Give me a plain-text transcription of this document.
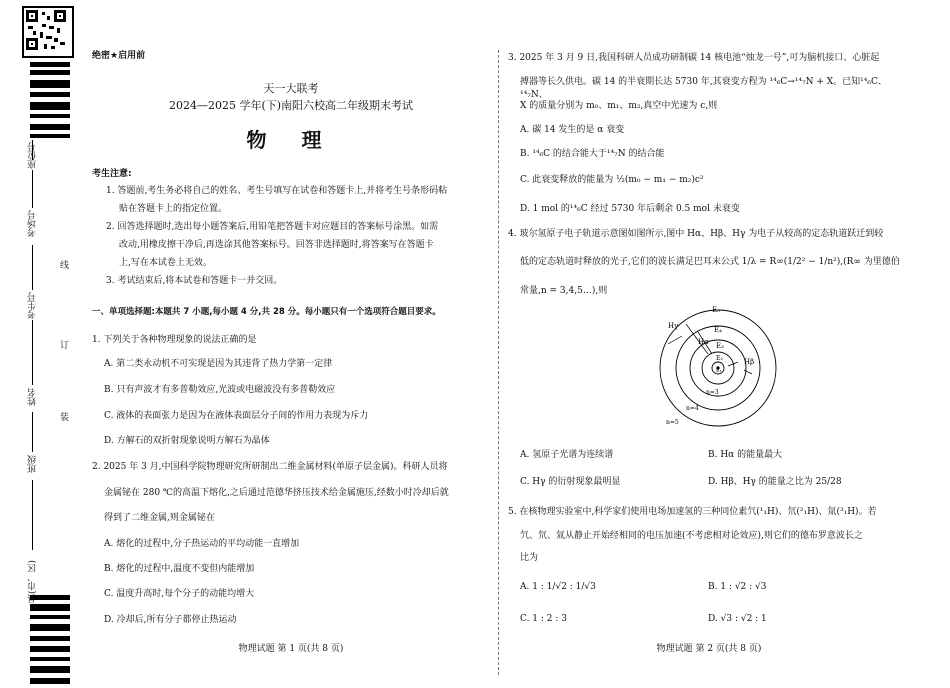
座位号
考场号
考生号
姓名
班级
县(市、区)
线
订
装
绝密★启用前
天一大联考
2024—2025 学年(下)南阳六校高二年级期末考试
物 理
考生注意:
1. 答题前,考生务必将自己的姓名、考生号填写在试卷和答题卡上,并将考生号条形码粘
贴在答题卡上的指定位置。
2. 回答选择题时,选出每小题答案后,用铅笔把答题卡对应题目的答案标号涂黑。如需
改动,用橡皮擦干净后,再选涂其他答案标号。回答非选择题时,将答案写在答题卡
上,写在本试卷上无效。
3. 考试结束后,将本试卷和答题卡一并交回。
一、单项选择题:本题共 7 小题,每小题 4 分,共 28 分。每小题只有一个选项符合题目要求。
1. 下列关于各种物理现象的说法正确的是
A. 第二类永动机不可实现是因为其违背了热力学第一定律
B. 只有声波才有多普勒效应,光波或电磁波没有多普勒效应
C. 液体的表面张力是因为在液体表面层分子间的作用力表现为斥力
D. 方解石的双折射现象说明方解石为晶体
2. 2025 年 3 月,中国科学院物理研究所研制出二维金属材料(单原子层金属)。科研人员将
金属铋在 280 ℃的高温下熔化,之后通过范德华挤压技术给金属施压,经数小时冷却后就
得到了二维金属,则金属铋在
A. 熔化的过程中,分子热运动的平均动能一直增加
B. 熔化的过程中,温度不变但内能增加
C. 温度升高时,每个分子的动能均增大
D. 冷却后,所有分子都停止热运动
物理试题 第 1 页(共 8 页)
3. 2025 年 3 月 9 日,我国科研人员成功研制碳 14 核电池“烛龙一号”,可为脑机接口、心脏起
搏器等长久供电。碳 14 的半衰期长达 5730 年,其衰变方程为 ¹⁴₆C→¹⁴₇N + X。已知¹⁴₆C、¹⁴₇N、
X 的质量分别为 m₀、m₁、m₂,真空中光速为 c,则
A. 碳 14 发生的是 α 衰变
B. ¹⁴₆C 的结合能大于¹⁴₇N 的结合能
C. 此衰变释放的能量为 ½(m₀ − m₁ − m₂)c²
D. 1 mol 的¹⁴₆C 经过 5730 年后剩余 0.5 mol 未衰变
4. 玻尔氢原子电子轨道示意图如图所示,图中 Hα、Hβ、Hγ 为电子从较高的定态轨道跃迁到较
低的定态轨道时释放的光子,它们的波长满足巴耳末公式 1/λ = R∞(1/2² − 1/n²),(R∞ 为里德伯
常量,n = 3,4,5…),则
E₅
E₄
E₃
E₂
E₁
Hγ
Hα
Hβ
n=3
n=4
n=5
A. 氢原子光谱为连续谱	B. Hα 的能量最大
C. Hγ 的衍射现象最明显	D. Hβ、Hγ 的能量之比为 25/28
5. 在核物理实验室中,科学家们使用电场加速氢的三种同位素氕(¹₁H)、氘(²₁H)、氚(³₁H)。若
氕、氘、氚从静止开始经相同的电压加速(不考虑相对论效应),则它们的德布罗意波长之
比为
A. 1 : 1/√2 : 1/√3	B. 1 : √2 : √3
C. 1 : 2 : 3	D. √3 : √2 : 1
物理试题 第 2 页(共 8 页)
